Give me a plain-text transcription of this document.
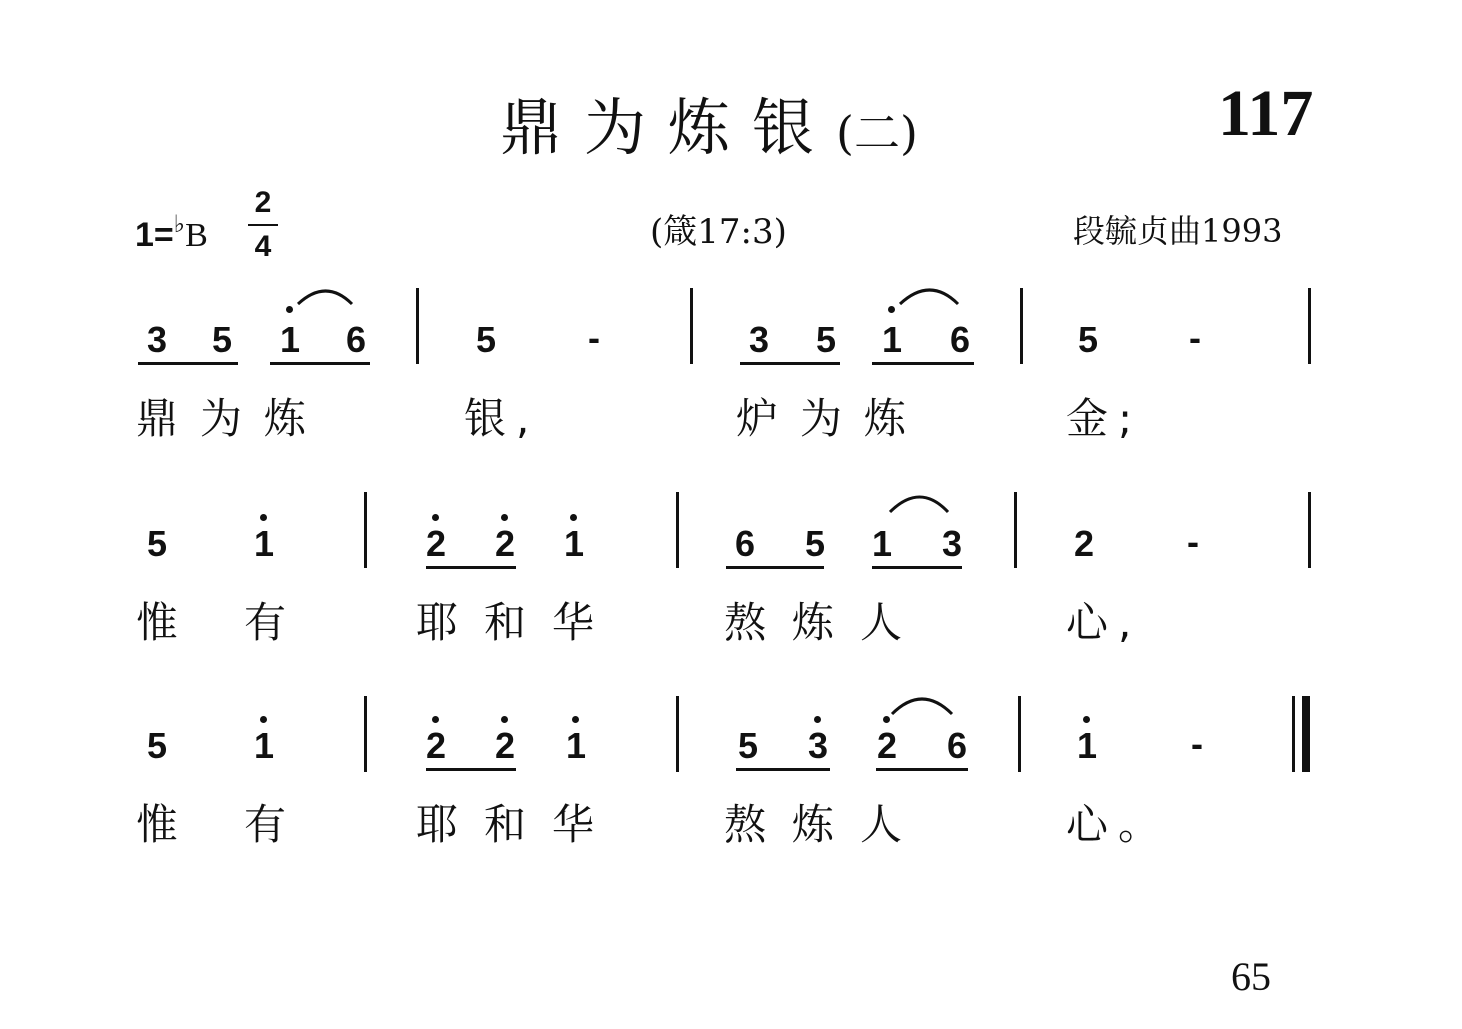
鼎为炼银(二)	117
1=♭B
2
4	(箴17:3)	段毓贞曲1993
3 5 1 6	5	-	3 5 1 6	5	-
鼎为炼	银,	炉为炼	金;
5 1	2 2 1	6 5 1 3	2	-
惟 有	耶和华 熬炼人	心,
5 1	2 2 1	5 3 2 6	1	-
惟 有	耶和华 熬炼人	心。
65
